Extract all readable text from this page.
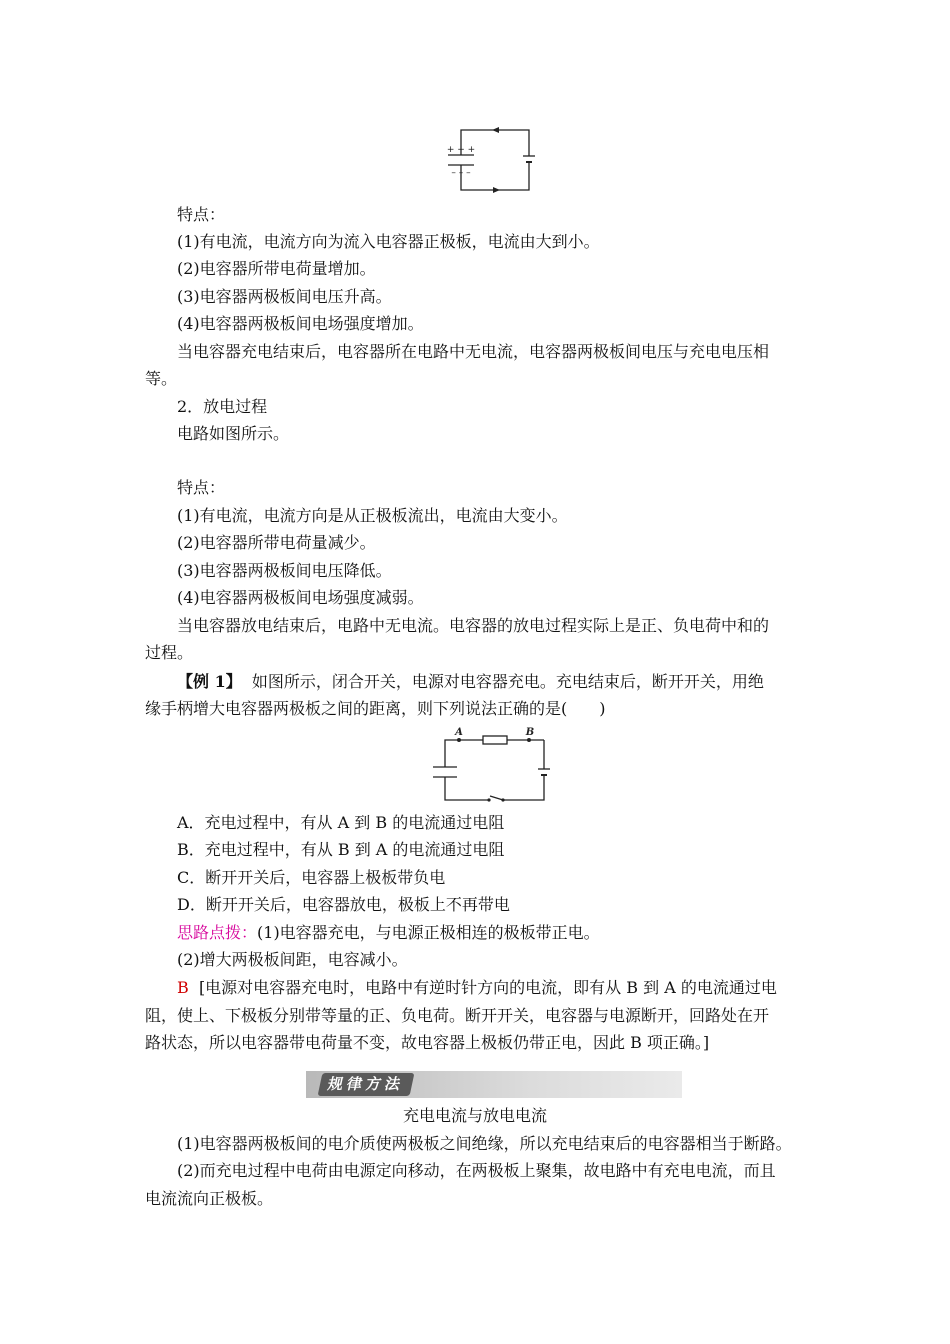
+ + +
– – –
特点：
(1)有电流，电流方向为流入电容器正极板，电流由大到小。
(2)电容器所带电荷量增加。
(3)电容器两极板间电压升高。
(4)电容器两极板间电场强度增加。
当电容器充电结束后，电容器所在电路中无电流，电容器两极板间电压与充电电压相
等。
2．放电过程
电路如图所示。
特点：
(1)有电流，电流方向是从正极板流出，电流由大变小。
(2)电容器所带电荷量减少。
(3)电容器两极板间电压降低。
(4)电容器两极板间电场强度减弱。
当电容器放电结束后，电路中无电流。电容器的放电过程实际上是正、负电荷中和的
过程。
【例 1】 如图所示，闭合开关，电源对电容器充电。充电结束后，断开开关，用绝
缘手柄增大电容器两极板之间的距离，则下列说法正确的是(　　)
A	B
A．充电过程中，有从 A 到 B 的电流通过电阻
B．充电过程中，有从 B 到 A 的电流通过电阻
C．断开开关后，电容器上极板带负电
D．断开开关后，电容器放电，极板上不再带电
思路点拨：(1)电容器充电，与电源正极相连的极板带正电。
(2)增大两极板间距，电容减小。
B [电源对电容器充电时，电路中有逆时针方向的电流，即有从 B 到 A 的电流通过电
阻，使上、下极板分别带等量的正、负电荷。断开开关，电容器与电源断开，回路处在开
路状态，所以电容器带电荷量不变，故电容器上极板仍带正电，因此 B 项正确。]
规律方法
充电电流与放电电流
(1)电容器两极板间的电介质使两极板之间绝缘，所以充电结束后的电容器相当于断路。
(2)而充电过程中电荷由电源定向移动，在两极板上聚集，故电路中有充电电流，而且
电流流向正极板。
